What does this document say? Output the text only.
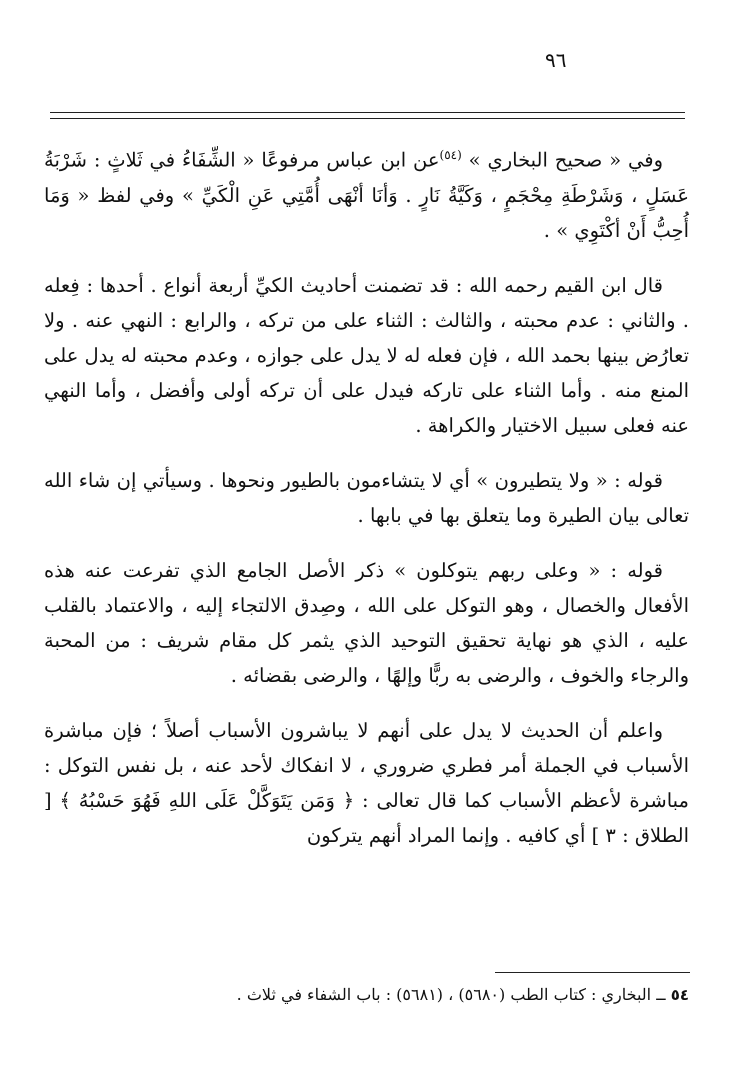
٩٦

وفي « صحيح البخاري » $^{(٥٤)}$عن ابن عباس مرفوعًا « الشِّفَاءُ في ثَلاثٍ : شَرْبَةُ عَسَلٍ ، وَشَرْطَةِ مِحْجَمٍ ، وَكَيَّةُ نَارٍ . وَأنَا أنْهَى أُمَّتِي عَنِ الْكَيِّ » وفي لفظ « وَمَا أُحِبُّ أَنْ أكْتَوِي » .

قال ابن القيم رحمه الله : قد تضمنت أحاديث الكيِّ أربعة أنواع . أحدها : فِعله . والثاني : عدم محبته ، والثالث : الثناء على من تركه ، والرابع : النهي عنه . ولا تعارُض بينها بحمد الله ، فإن فعله له لا يدل على جوازه ، وعدم محبته له يدل على المنع منه . وأما الثناء على تاركه فيدل على أن تركه أولى وأفضل ، وأما النهي عنه فعلى سبيل الاختيار والكراهة .

قوله : « ولا يتطيرون » أي لا يتشاءمون بالطيور ونحوها . وسيأتي إن شاء الله تعالى بيان الطيرة وما يتعلق بها في بابها .

قوله : « وعلى ربهم يتوكلون » ذكر الأصل الجامع الذي تفرعت عنه هذه الأفعال والخصال ، وهو التوكل على الله ، وصِدق الالتجاء إليه ، والاعتماد بالقلب عليه ، الذي هو نهاية تحقيق التوحيد الذي يثمر كل مقام شريف : من المحبة والرجاء والخوف ، والرضى به ربًّا وإلهًا ، والرضى بقضائه .

واعلم أن الحديث لا يدل على أنهم لا يباشرون الأسباب أصلاً ؛ فإن مباشرة الأسباب في الجملة أمر فطري ضروري ، لا انفكاك لأحد عنه ، بل نفس التوكل : مباشرة لأعظم الأسباب كما قال تعالى : ﴿ وَمَن يَتَوَكَّلْ عَلَى اللهِ فَهُوَ حَسْبُهُ ﴾ [ الطلاق : ٣ ] أي كافيه . وإنما المراد أنهم يتركون

٥٤ ــ البخاري : كتاب الطب (٥٦٨٠) ، (٥٦٨١) : باب الشفاء في ثلاث .
